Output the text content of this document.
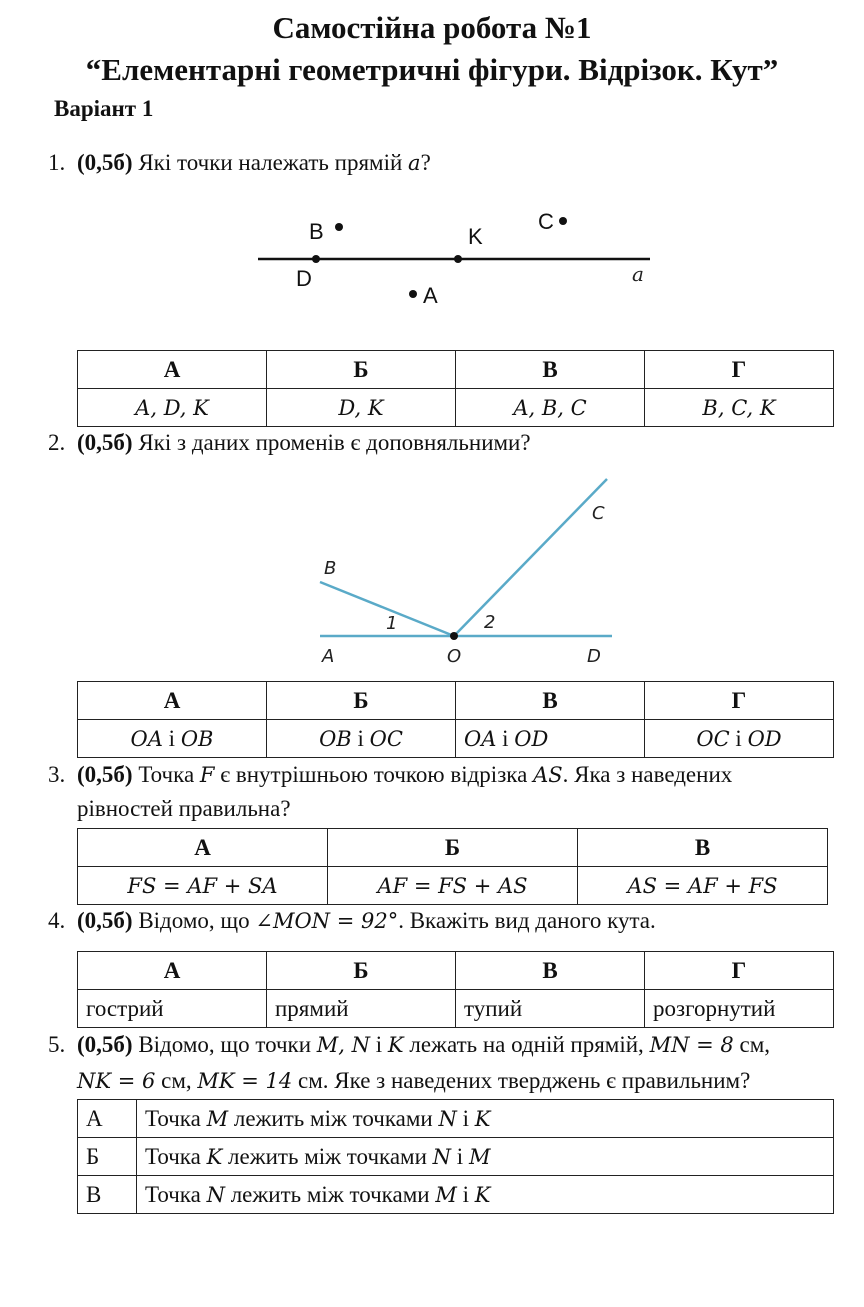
Самостійна робота №1
“Елементарні геометричні фігури. Відрізок. Кут”
Варіант 1
1. (0,5б) Які точки належать прямій a?
B	K
C
D
A
a
А	Б	В	Г
A, D, K	D, K	A, B, C	B, C, K
2. (0,5б) Які з даних променів є доповняльними?
C
B
1	2
A	O	D
А	Б	В	Г
OA і OB	OB і OC	OA і OD	OC і OD
3. (0,5б) Точка F є внутрішньою точкою відрізка AS. Яка з наведених
рівностей правильна?
А	Б	В
FS = AF + SA	AF = FS + AS	AS = AF + FS
4. (0,5б) Відомо, що ∠MON = 92°. Вкажіть вид даного кута.
А	Б	В	Г
гострий	прямий	тупий	розгорнутий
5. (0,5б) Відомо, що точки M, N і K лежать на одній прямій, MN = 8 см,
NK = 6 см, MK = 14 см. Яке з наведених тверджень є правильним?
А	Точка M лежить між точками N і K
Б	Точка K лежить між точками N і M
В	Точка N лежить між точками M і K
